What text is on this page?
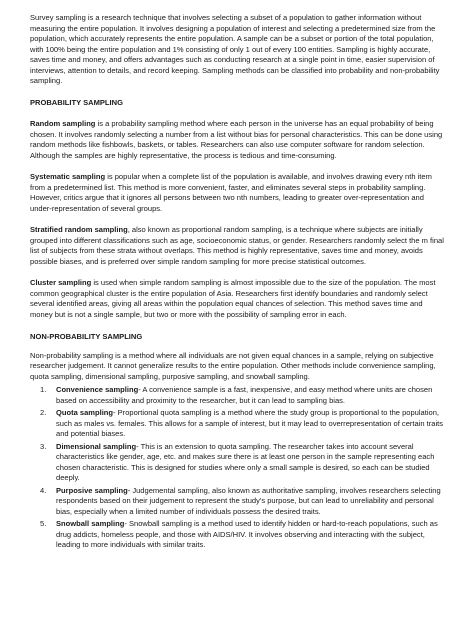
Survey sampling is a research technique that involves selecting a subset of a population to gather information without measuring the entire population. It involves designing a population of interest and selecting a predetermined size from the population, which accurately represents the entire population. A sample can be a subset or portion of the total population, with 100% being the entire population and 1% consisting of only 1 out of every 100 entities. Sampling is highly accurate, saves time and money, and offers advantages such as conducting research at a single point in time, easier supervision of interviews, attention to details, and record keeping. Sampling methods can be classified into probability and non-probability sampling.

PROBABILITY SAMPLING

Random sampling is a probability sampling method where each person in the universe has an equal probability of being chosen. It involves randomly selecting a number from a list without bias for personal characteristics. This can be done using random methods like fishbowls, baskets, or tables. Researchers can also use computer software for random selection. Although the samples are highly representative, the process is tedious and time-consuming.

Systematic sampling is popular when a complete list of the population is available, and involves drawing every nth item from a predetermined list. This method is more convenient, faster, and eliminates several steps in probability sampling. However, critics argue that it ignores all persons between two nth numbers, leading to greater over-representation and under-representation of several groups.

Stratified random sampling, also known as proportional random sampling, is a technique where subjects are initially grouped into different classifications such as age, socioeconomic status, or gender. Researchers randomly select the m final list of subjects from these strata without overlaps. This method is highly representative, saves time and money, avoids possible biases, and is preferred over simple random sampling for more precise statistical outcomes.

Cluster sampling is used when simple random sampling is almost impossible due to the size of the population. The most common geographical cluster is the entire population of Asia. Researchers first identify boundaries and randomly select several identified areas, giving all areas within the population equal chances of selection. This method saves time and money but is not a single sample, but two or more with the possibility of sampling error in each.

NON-PROBABILITY SAMPLING

Non-probability sampling is a method where all individuals are not given equal chances in a sample, relying on subjective researcher judgement. It cannot generalize results to the entire population. Other methods include convenience sampling, quota sampling, dimensional sampling, purposive sampling, and snowball sampling.

1. Convenience sampling- A convenience sample is a fast, inexpensive, and easy method where units are chosen based on accessibility and proximity to the researcher, but it can lead to sampling bias.
2. Quota sampling- Proportional quota sampling is a method where the study group is proportional to the population, such as males vs. females. This allows for a sample of interest, but it may lead to overrepresentation of certain traits and potential biases.
3. Dimensional sampling- This is an extension to quota sampling. The researcher takes into account several characteristics like gender, age, etc. and makes sure there is at least one person in the sample representing each chosen characteristic. This is designed for studies where only a small sample is desired, so each can be studied deeply.
4. Purposive sampling- Judgemental sampling, also known as authoritative sampling, involves researchers selecting respondents based on their judgement to represent the study's purpose, but can lead to unreliability and personal bias, especially when a limited number of individuals possess the desired traits.
5. Snowball sampling- Snowball sampling is a method used to identify hidden or hard-to-reach populations, such as drug addicts, homeless people, and those with AIDS/HIV. It involves observing and interacting with the subject, leading to more individuals with similar traits.
